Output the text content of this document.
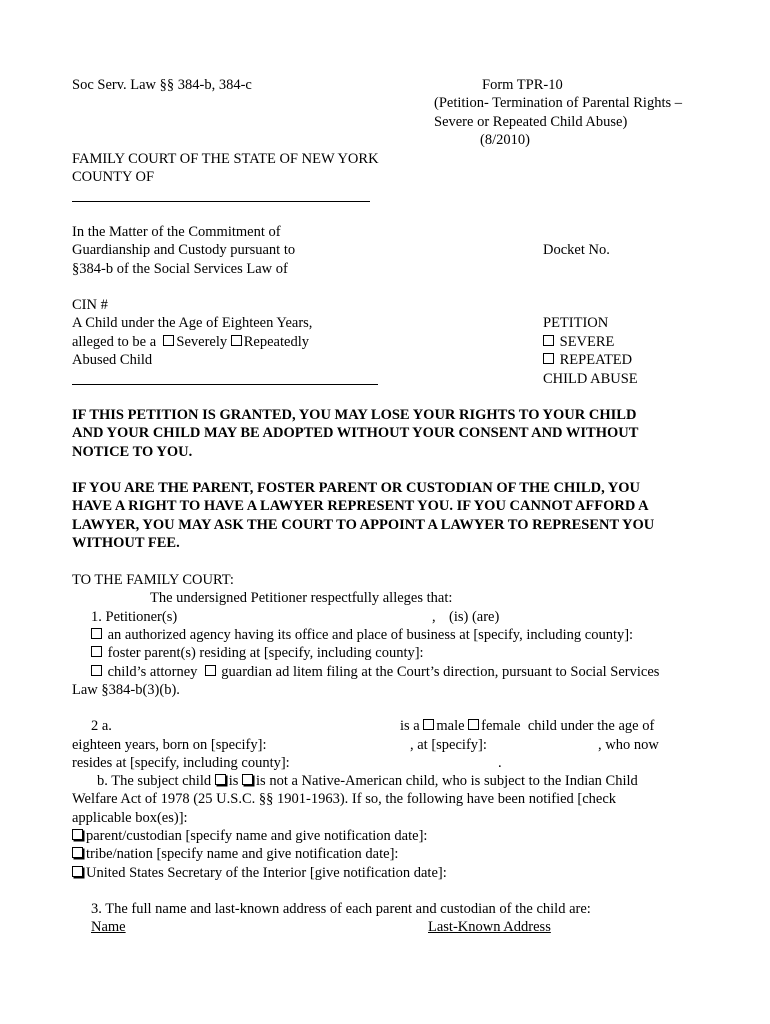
Soc Serv. Law §§ 384-b, 384-c	Form TPR-10
(Petition- Termination of Parental Rights –
Severe or Repeated Child Abuse)
(8/2010)
FAMILY COURT OF THE STATE OF NEW YORK
COUNTY OF
In the Matter of the Commitment of
Guardianship and Custody pursuant to	Docket No.
§384-b of the Social Services Law of
CIN #
A Child under the Age of Eighteen Years,
alleged to be a Severely Repeatedly
Abused Child
PETITION
SEVERE
REPEATED
CHILD ABUSE
IF THIS PETITION IS GRANTED, YOU MAY LOSE YOUR RIGHTS TO YOUR CHILD
AND YOUR CHILD MAY BE ADOPTED WITHOUT YOUR CONSENT AND WITHOUT
NOTICE TO YOU.
IF YOU ARE THE PARENT, FOSTER PARENT OR CUSTODIAN OF THE CHILD, YOU
HAVE A RIGHT TO HAVE A LAWYER REPRESENT YOU. IF YOU CANNOT AFFORD A
LAWYER, YOU MAY ASK THE COURT TO APPOINT A LAWYER TO REPRESENT YOU
WITHOUT FEE.
TO THE FAMILY COURT:
The undersigned Petitioner respectfully alleges that:
1. Petitioner(s)	, (is) (are)
an authorized agency having its office and place of business at [specify, including county]:
foster parent(s) residing at [specify, including county]:
child’s attorney guardian ad litem filing at the Court’s direction, pursuant to Social Services
Law §384-b(3)(b).
2 a.	is a male female child under the age of
eighteen years, born on [specify]:	, at [specify]:	, who now
resides at [specify, including county]:	.
b. The subject child is is not a Native-American child, who is subject to the Indian Child
Welfare Act of 1978 (25 U.S.C. §§ 1901-1963). If so, the following have been notified [check
applicable box(es)]:
parent/custodian [specify name and give notification date]:
tribe/nation [specify name and give notification date]:
United States Secretary of the Interior [give notification date]:
3. The full name and last-known address of each parent and custodian of the child are:
Name	Last-Known Address
